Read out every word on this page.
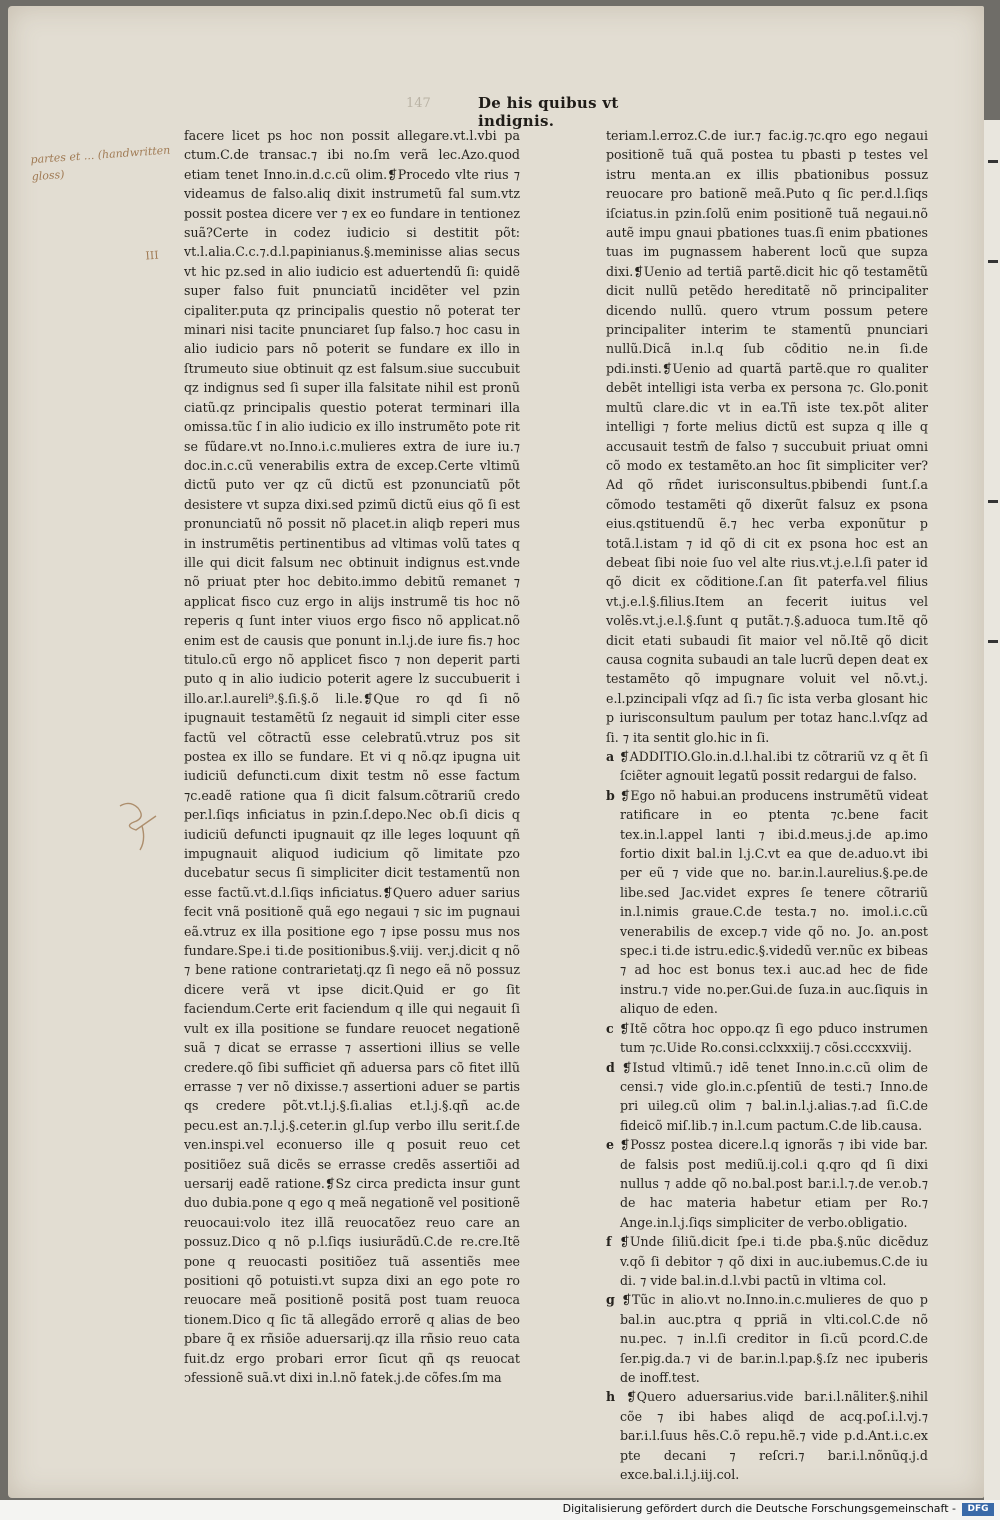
147	De his quibus vt indignis.
partes et ... (handwritten gloss)
III

facere licet ps hoc non possit allegare.vt.l.vbi pa ctum.C.de transac.⁊ ibi no.ſm verã lec.Azo.quod etiam tenet Inno.in.d.c.cũ olim.❡Procedo vlte rius ⁊ videamus de falso.aliq dixit instrumetũ fal sum.vtz possit postea dicere ver ⁊ ex eo fundare in tentionez suã?Certe in codez iudicio si destitit põt: vt.l.alia.C.c.⁊.d.l.papinianus.§.meminisse alias secus vt hic pz.sed in alio iudicio est aduertendũ ſi: quidẽ super falso fuit pnunciatũ incidẽter vel pzin cipaliter.puta qz principalis questio nõ poterat ter minari nisi tacite pnunciaret ſup falso.⁊ hoc casu in alio iudicio pars nõ poterit se fundare ex illo in ſtrumeuto siue obtinuit qz est falsum.siue succubuit qz indignus sed ſi super illa falsitate nihil est pronũ ciatũ.qz principalis questio poterat terminari illa omissa.tũc ſ in alio iudicio ex illo instrumẽto pote rit se fũdare.vt no.Inno.i.c.mulieres extra de iure iu.⁊ doc.in.c.cũ venerabilis extra de excep.Certe vltimũ dictũ puto ver qz cũ dictũ est pzonunciatũ põt desistere vt supza dixi.sed pzimũ dictũ eius qõ ſi est pronunciatũ nõ possit nõ placet.in aliqb reperi mus in instrumẽtis pertinentibus ad vltimas volũ tates q ille qui dicit falsum nec obtinuit indignus est.vnde nõ priuat pter hoc debito.immo debitũ remanet ⁊ applicat fisco cuz ergo in alijs instrumẽ tis hoc nõ reperis q ſunt inter viuos ergo fisco nõ applicat.nõ enim est de causis que ponunt in.l.j.de iure fis.⁊ hoc titulo.cũ ergo nõ applicet fisco ⁊ non deperit parti puto q in alio iudicio poterit agere lz succubuerit i illo.ar.l.aureli⁹.§.ſi.§.õ li.le.❡Que ro qd ſi nõ ipugnauit testamẽtũ ſz negauit id simpli citer esse factũ vel cõtractũ esse celebratũ.vtruz pos sit postea ex illo se fundare. Et vi q nõ.qz ipugna uit iudiciũ defuncti.cum dixit testm nõ esse factum ⁊c.eadẽ ratione qua ſi dicit falsum.cõtrariũ credo per.l.ſiqs inficiatus in pzin.ſ.depo.Nec ob.ſi dicis q iudiciũ defuncti ipugnauit qz ille leges loquunt qñ impugnauit aliquod iudicium qõ limitate pzo ducebatur secus ſi simpliciter dicit testamentũ non esse factũ.vt.d.l.ſiqs inficiatus.❡Quero aduer sarius fecit vnã positionẽ quã ego negaui ⁊ sic im pugnaui eã.vtruz ex illa positione ego ⁊ ipse possu mus nos fundare.Spe.i ti.de positionibus.§.viij. ver.j.dicit q nõ ⁊ bene ratione contrarietatj.qz ſi nego eã nõ possuz dicere verã vt ipse dicit.Quid er go ſit faciendum.Certe erit faciendum q ille qui negauit ſi vult ex illa positione se fundare reuocet negationẽ suã ⁊ dicat se errasse ⁊ assertioni illius se velle credere.qõ ſibi sufficiet qñ aduersa pars cõ fitet illũ errasse ⁊ ver nõ dixisse.⁊ assertioni aduer se partis qs credere põt.vt.l.j.§.ſi.alias et.l.j.§.qñ ac.de pecu.est an.⁊.l.j.§.ceter.in gl.ſup verbo illu serit.ſ.de ven.inspi.vel econuerso ille q posuit reuo cet positiõez suã dicẽs se errasse credẽs assertiõi ad uersarij eadẽ ratione.❡Sz circa predicta insur gunt duo dubia.pone q ego q meã negationẽ vel positionẽ reuocaui:volo itez illã reuocatõez reuo care an possuz.Dico q nõ p.l.ſiqs iusiurãdũ.C.de re.cre.Itẽ pone q reuocasti positiõez tuã assentiẽs mee positioni qõ potuisti.vt supza dixi an ego pote ro reuocare meã positionẽ positã post tuam reuoca tionem.Dico q ſic tã allegãdo errorẽ q alias de beo pbare q̃ ex rñsiõe aduersarij.qz illa rñsio reuo cata fuit.dz ergo probari error ſicut qñ qs reuocat ↄfessionẽ suã.vt dixi in.l.nõ fatek.j.de cõfes.ſm ma

teriam.l.erroz.C.de iur.⁊ fac.ig.⁊c.qro ego negaui positionẽ tuã quã postea tu pbasti p testes vel istru menta.an ex illis pbationibus possuz reuocare pro bationẽ meã.Puto q ſic per.d.l.ſiqs iſciatus.in pzin.ſolũ enim positionẽ tuã negaui.nõ autẽ impu gnaui pbationes tuas.ſi enim pbationes tuas im pugnassem haberent locũ que supza dixi.❡Uenio ad tertiã partẽ.dicit hic qõ testamẽtũ dicit nullũ petẽdo hereditatẽ nõ principaliter dicendo nullũ. quero vtrum possum petere principaliter interim te stamentũ pnunciari nullũ.Dicã in.l.q ſub cõditio ne.in ſi.de pdi.insti.❡Uenio ad quartã partẽ.que ro qualiter debẽt intelligi ista verba ex persona ⁊c. Glo.ponit multũ clare.dic vt in ea.Tñ iste tex.põt aliter intelligi ⁊ forte melius dictũ est supza q ille q accusauit testm̃ de falso ⁊ succubuit priuat omni cõ modo ex testamẽto.an hoc ſit simpliciter ver?Ad qõ rñdet iurisconsultus.pbibendi ſunt.ſ.a cõmodo testamẽti qõ dixerũt falsuz ex psona eius.qstituendũ ẽ.⁊ hec verba exponũtur p totã.l.istam ⁊ id qõ di cit ex psona hoc est an debeat ſibi noie ſuo vel alte rius.vt.j.e.l.ſi pater id qõ dicit ex cõditione.ſ.an ſit paterfa.vel filius vt.j.e.l.§.filius.Item an fecerit iuitus vel volẽs.vt.j.e.l.§.ſunt q putãt.⁊.§.aduoca tum.Itẽ qõ dicit etati subaudi ſit maior vel nõ.Itẽ qõ dicit causa cognita subaudi an tale lucrũ depen deat ex testamẽto qõ impugnare voluit vel nõ.vt.j. e.l.pzincipali vſqz ad ſi.⁊ ſic ista verba glosant hic p iurisconsultum paulum per totaz hanc.l.vſqz ad ſi. ⁊ ita sentit glo.hic in ſi.

a ❡ADDITIO.Glo.in.d.l.hal.ibi tz cõtrariũ vz q ẽt ſi ſciẽter agnouit legatũ possit redargui de falso.

b ❡Ego nõ habui.an producens instrumẽtũ videat ratificare in eo ptenta ⁊c.bene facit tex.in.l.appel lanti ⁊ ibi.d.meus.j.de ap.imo fortio dixit bal.in l.j.C.vt ea que de.aduo.vt ibi per eũ ⁊ vide que no. bar.in.l.aurelius.§.pe.de libe.sed Jac.videt expres ſe tenere cõtrariũ in.l.nimis graue.C.de testa.⁊ no. imol.i.c.cũ venerabilis de excep.⁊ vide qõ no. Jo. an.post spec.i ti.de istru.edic.§.videdũ ver.nũc ex bibeas ⁊ ad hoc est bonus tex.i auc.ad hec de fide instru.⁊ vide no.per.Gui.de ſuza.in auc.ſiquis in aliquo de eden.

c ❡Itẽ cõtra hoc oppo.qz ſi ego pduco instrumen tum ⁊c.Uide Ro.consi.cclxxxiij.⁊ cõsi.cccxxviij.

d ❡Istud vltimũ.⁊ idẽ tenet Inno.in.c.cũ olim de censi.⁊ vide glo.in.c.pſentiũ de testi.⁊ Inno.de pri uileg.cũ olim ⁊ bal.in.l.j.alias.⁊.ad ſi.C.de fideicõ miſ.lib.⁊ in.l.cum pactum.C.de lib.causa.

e ❡Possz postea dicere.l.q ignorãs ⁊ ibi vide bar. de falsis post mediũ.ij.col.i q.qro qd ſi dixi nullus ⁊ adde qõ no.bal.post bar.i.l.⁊.de ver.ob.⁊ de hac materia habetur etiam per Ro.⁊ Ange.in.l.j.ſiqs simpliciter de verbo.obligatio.

f ❡Unde ſiliũ.dicit ſpe.i ti.de pba.§.nũc dicẽduz v.qõ ſi debitor ⁊ qõ dixi in auc.iubemus.C.de iu di. ⁊ vide bal.in.d.l.vbi pactũ in vltima col.

g ❡Tũc in alio.vt no.Inno.in.c.mulieres de quo p bal.in auc.ptra q ppriã in vlti.col.C.de nõ nu.pec. ⁊ in.l.ſi creditor in ſi.cũ pcord.C.de ſer.pig.da.⁊ vi de bar.in.l.pap.§.ſz nec ipuberis de inoff.test.

h ❡Quero aduersarius.vide bar.i.l.nãliter.§.nihil cõe ⁊ ibi habes aliqd de acq.poſ.i.l.vj.⁊ bar.i.l.ſuus hẽs.C.õ repu.hẽ.⁊ vide p.d.Ant.i.c.ex pte decani ⁊ reſcri.⁊ bar.i.l.nõnũq.j.d exce.bal.i.l.j.iij.col.

Digitalisierung gefördert durch die Deutsche Forschungsgemeinschaft -	DFG
